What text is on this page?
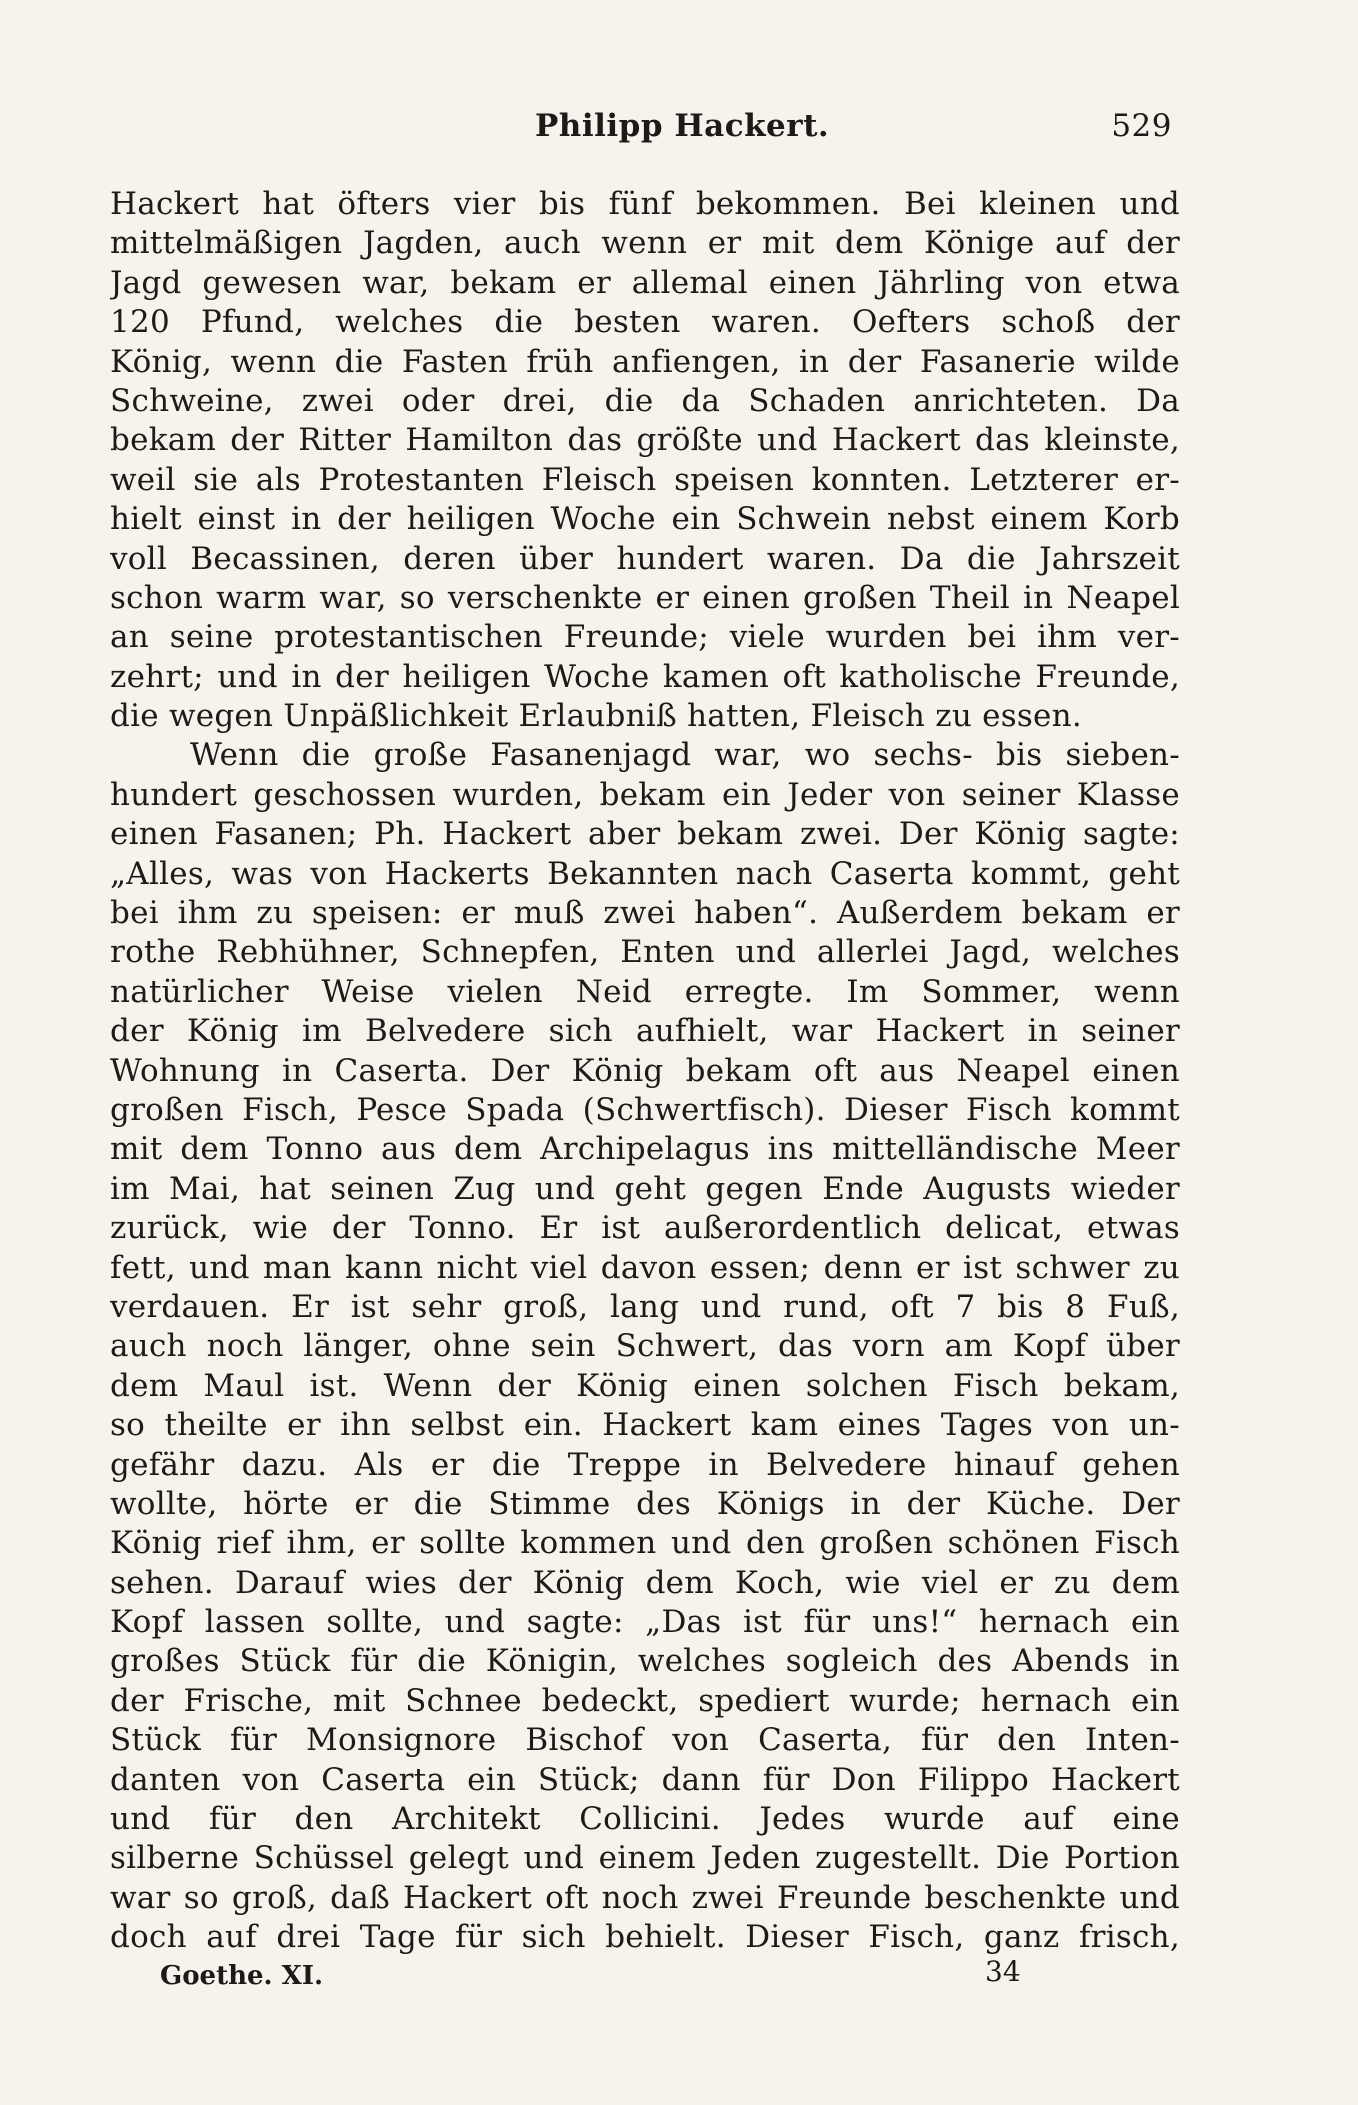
Philipp Hackert.	529
Hackert hat öfters vier bis fünf bekommen. Bei kleinen und
mittelmäßigen Jagden, auch wenn er mit dem Könige auf der
Jagd gewesen war, bekam er allemal einen Jährling von etwa
120 Pfund, welches die besten waren. Oefters schoß der
König, wenn die Fasten früh anfiengen, in der Fasanerie wilde
Schweine, zwei oder drei, die da Schaden anrichteten. Da
bekam der Ritter Hamilton das größte und Hackert das kleinste,
weil sie als Protestanten Fleisch speisen konnten. Letzterer er-
hielt einst in der heiligen Woche ein Schwein nebst einem Korb
voll Becassinen, deren über hundert waren. Da die Jahrszeit
schon warm war, so verschenkte er einen großen Theil in Neapel
an seine protestantischen Freunde; viele wurden bei ihm ver-
zehrt; und in der heiligen Woche kamen oft katholische Freunde,
die wegen Unpäßlichkeit Erlaubniß hatten, Fleisch zu essen.
Wenn die große Fasanenjagd war, wo sechs- bis sieben-
hundert geschossen wurden, bekam ein Jeder von seiner Klasse
einen Fasanen; Ph. Hackert aber bekam zwei. Der König sagte:
„Alles, was von Hackerts Bekannten nach Caserta kommt, geht
bei ihm zu speisen: er muß zwei haben“. Außerdem bekam er
rothe Rebhühner, Schnepfen, Enten und allerlei Jagd, welches
natürlicher Weise vielen Neid erregte. Im Sommer, wenn
der König im Belvedere sich aufhielt, war Hackert in seiner
Wohnung in Caserta. Der König bekam oft aus Neapel einen
großen Fisch, Pesce Spada (Schwertfisch). Dieser Fisch kommt
mit dem Tonno aus dem Archipelagus ins mittelländische Meer
im Mai, hat seinen Zug und geht gegen Ende Augusts wieder
zurück, wie der Tonno. Er ist außerordentlich delicat, etwas
fett, und man kann nicht viel davon essen; denn er ist schwer zu
verdauen. Er ist sehr groß, lang und rund, oft 7 bis 8 Fuß,
auch noch länger, ohne sein Schwert, das vorn am Kopf über
dem Maul ist. Wenn der König einen solchen Fisch bekam,
so theilte er ihn selbst ein. Hackert kam eines Tages von un-
gefähr dazu. Als er die Treppe in Belvedere hinauf gehen
wollte, hörte er die Stimme des Königs in der Küche. Der
König rief ihm, er sollte kommen und den großen schönen Fisch
sehen. Darauf wies der König dem Koch, wie viel er zu dem
Kopf lassen sollte, und sagte: „Das ist für uns!“ hernach ein
großes Stück für die Königin, welches sogleich des Abends in
der Frische, mit Schnee bedeckt, spediert wurde; hernach ein
Stück für Monsignore Bischof von Caserta, für den Inten-
danten von Caserta ein Stück; dann für Don Filippo Hackert
und für den Architekt Collicini. Jedes wurde auf eine
silberne Schüssel gelegt und einem Jeden zugestellt. Die Portion
war so groß, daß Hackert oft noch zwei Freunde beschenkte und
doch auf drei Tage für sich behielt. Dieser Fisch, ganz frisch,
Goethe. XI.	34
